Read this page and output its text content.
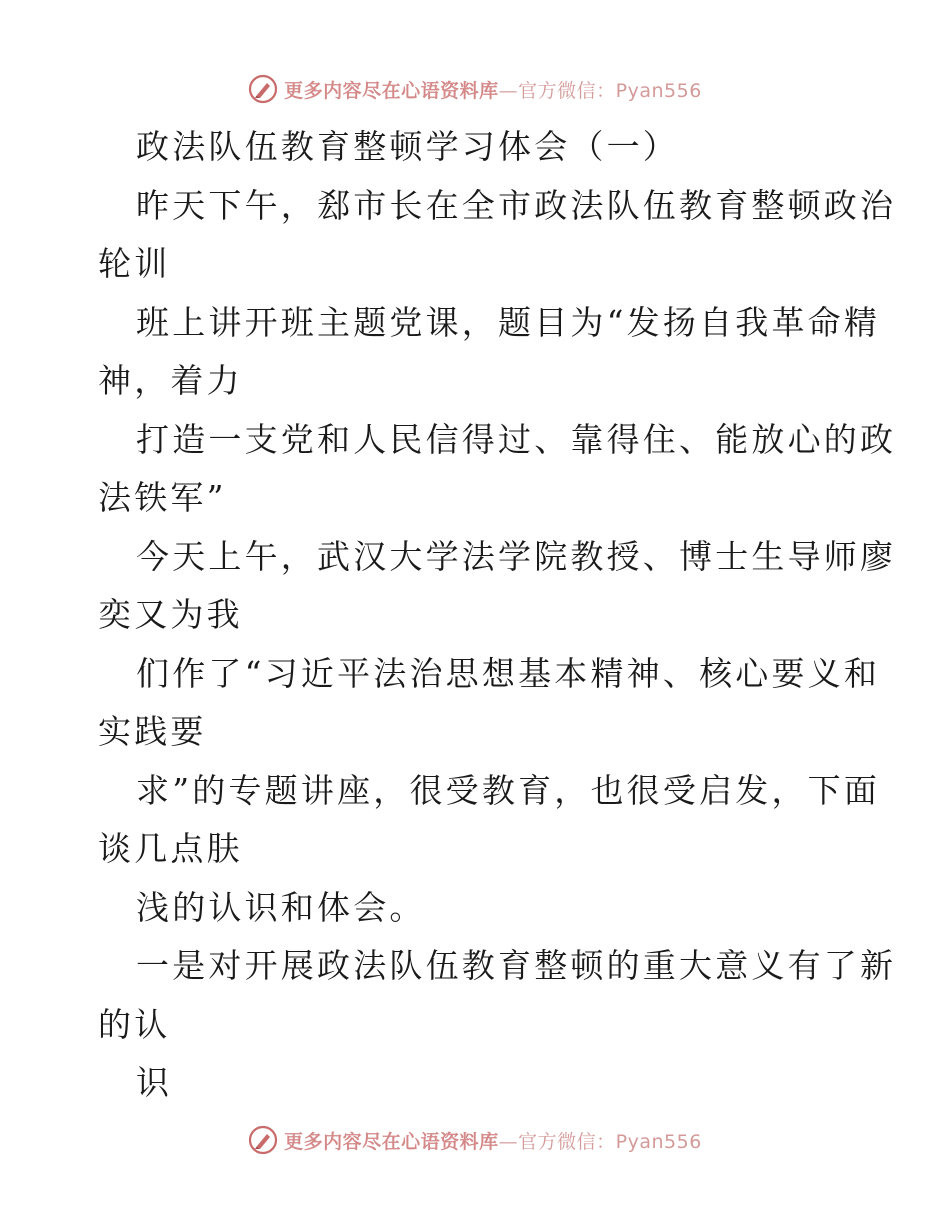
更多内容尽在心语资料库—官方微信：Pyan556
政法队伍教育整顿学习体会（一）
昨天下午，郄市长在全市政法队伍教育整顿政治
轮训
班上讲开班主题党课，题目为“发扬自我革命精
神，着力
打造一支党和人民信得过、靠得住、能放心的政
法铁军”
今天上午，武汉大学法学院教授、博士生导师廖
奕又为我
们作了“习近平法治思想基本精神、核心要义和
实践要
求”的专题讲座，很受教育，也很受启发，下面
谈几点肤
浅的认识和体会。
一是对开展政法队伍教育整顿的重大意义有了新
的认
识
更多内容尽在心语资料库—官方微信：Pyan556
